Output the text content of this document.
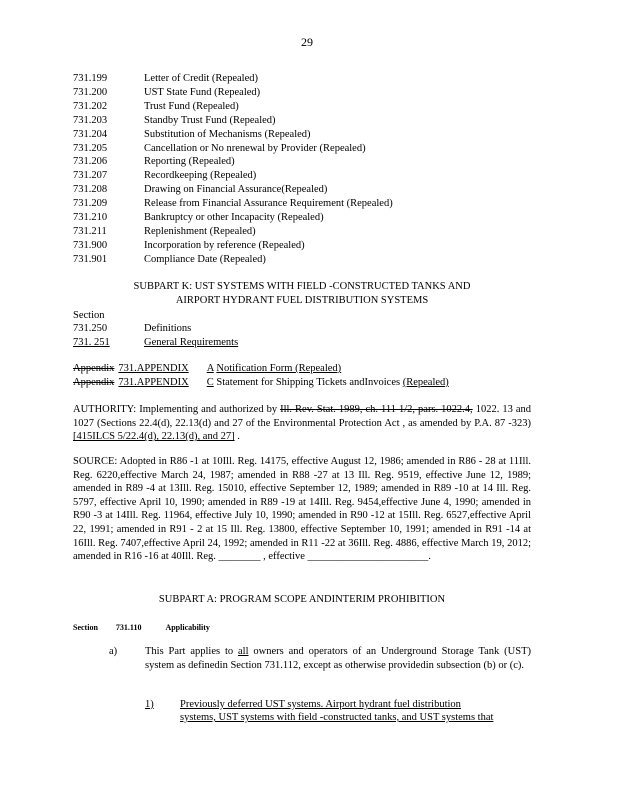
29
731.199	Letter of Credit (Repealed)
731.200	UST State Fund (Repealed)
731.202	Trust Fund (Repealed)
731.203	Standby Trust Fund (Repealed)
731.204	Substitution of Mechanisms (Repealed)
731.205	Cancellation or No nrenewal by Provider (Repealed)
731.206	Reporting (Repealed)
731.207	Recordkeeping (Repealed)
731.208	Drawing on Financial Assurance(Repealed)
731.209	Release from Financial Assurance Requirement (Repealed)
731.210	Bankruptcy or other Incapacity (Repealed)
731.211	Replenishment (Repealed)
731.900	Incorporation by reference (Repealed)
731.901	Compliance Date (Repealed)
SUBPART K: UST SYSTEMS WITH FIELD -CONSTRUCTED TANKS AND
AIRPORT HYDRANT FUEL DISTRIBUTION SYSTEMS
Section
731.250	Definitions
731. 251	General Requirements
Appendix 731.APPENDIX A Notification Form (Repealed)
Appendix 731.APPENDIX C Statement for Shipping Tickets andInvoices (Repealed)
AUTHORITY: Implementing and authorized by Ill. Rev. Stat. 1989, ch. 111 1/2, pars. 1022.4, 1022. 13 and 1027 (Sections 22.4(d), 22.13(d) and 27 of the Environmental Protection Act , as amended by P.A. 87 -323) [415ILCS 5/22.4(d), 22.13(d), and 27] .
SOURCE: Adopted in R86 -1 at 10Ill. Reg. 14175, effective August 12, 1986; amended in R86 - 28 at 11Ill. Reg. 6220,effective March 24, 1987; amended in R88 -27 at 13 Ill. Reg. 9519, effective June 12, 1989; amended in R89 -4 at 13Ill. Reg. 15010, effective September 12, 1989; amended in R89 -10 at 14 Ill. Reg. 5797, effective April 10, 1990; amended in R89 -19 at 14Ill. Reg. 9454,effective June 4, 1990; amended in R90 -3 at 14Ill. Reg. 11964, effective July 10, 1990; amended in R90 -12 at 15Ill. Reg. 6527,effective April 22, 1991; amended in R91 - 2 at 15 Ill. Reg. 13800, effective September 10, 1991; amended in R91 -14 at 16Ill. Reg. 7407,effective April 24, 1992; amended in R11 -22 at 36Ill. Reg. 4886, effective March 19, 2012; amended in R16 -16 at 40Ill. Reg. ________ , effective _______________________.
SUBPART A: PROGRAM SCOPE ANDINTERIM PROHIBITION
Section 731.110	Applicability
a)	This Part applies to all owners and operators of an Underground Storage Tank (UST) system as definedin Section 731.112, except as otherwise providedin subsection (b) or (c).
1)	Previously deferred UST systems. Airport hydrant fuel distribution
systems, UST systems with field -constructed tanks, and UST systems that
